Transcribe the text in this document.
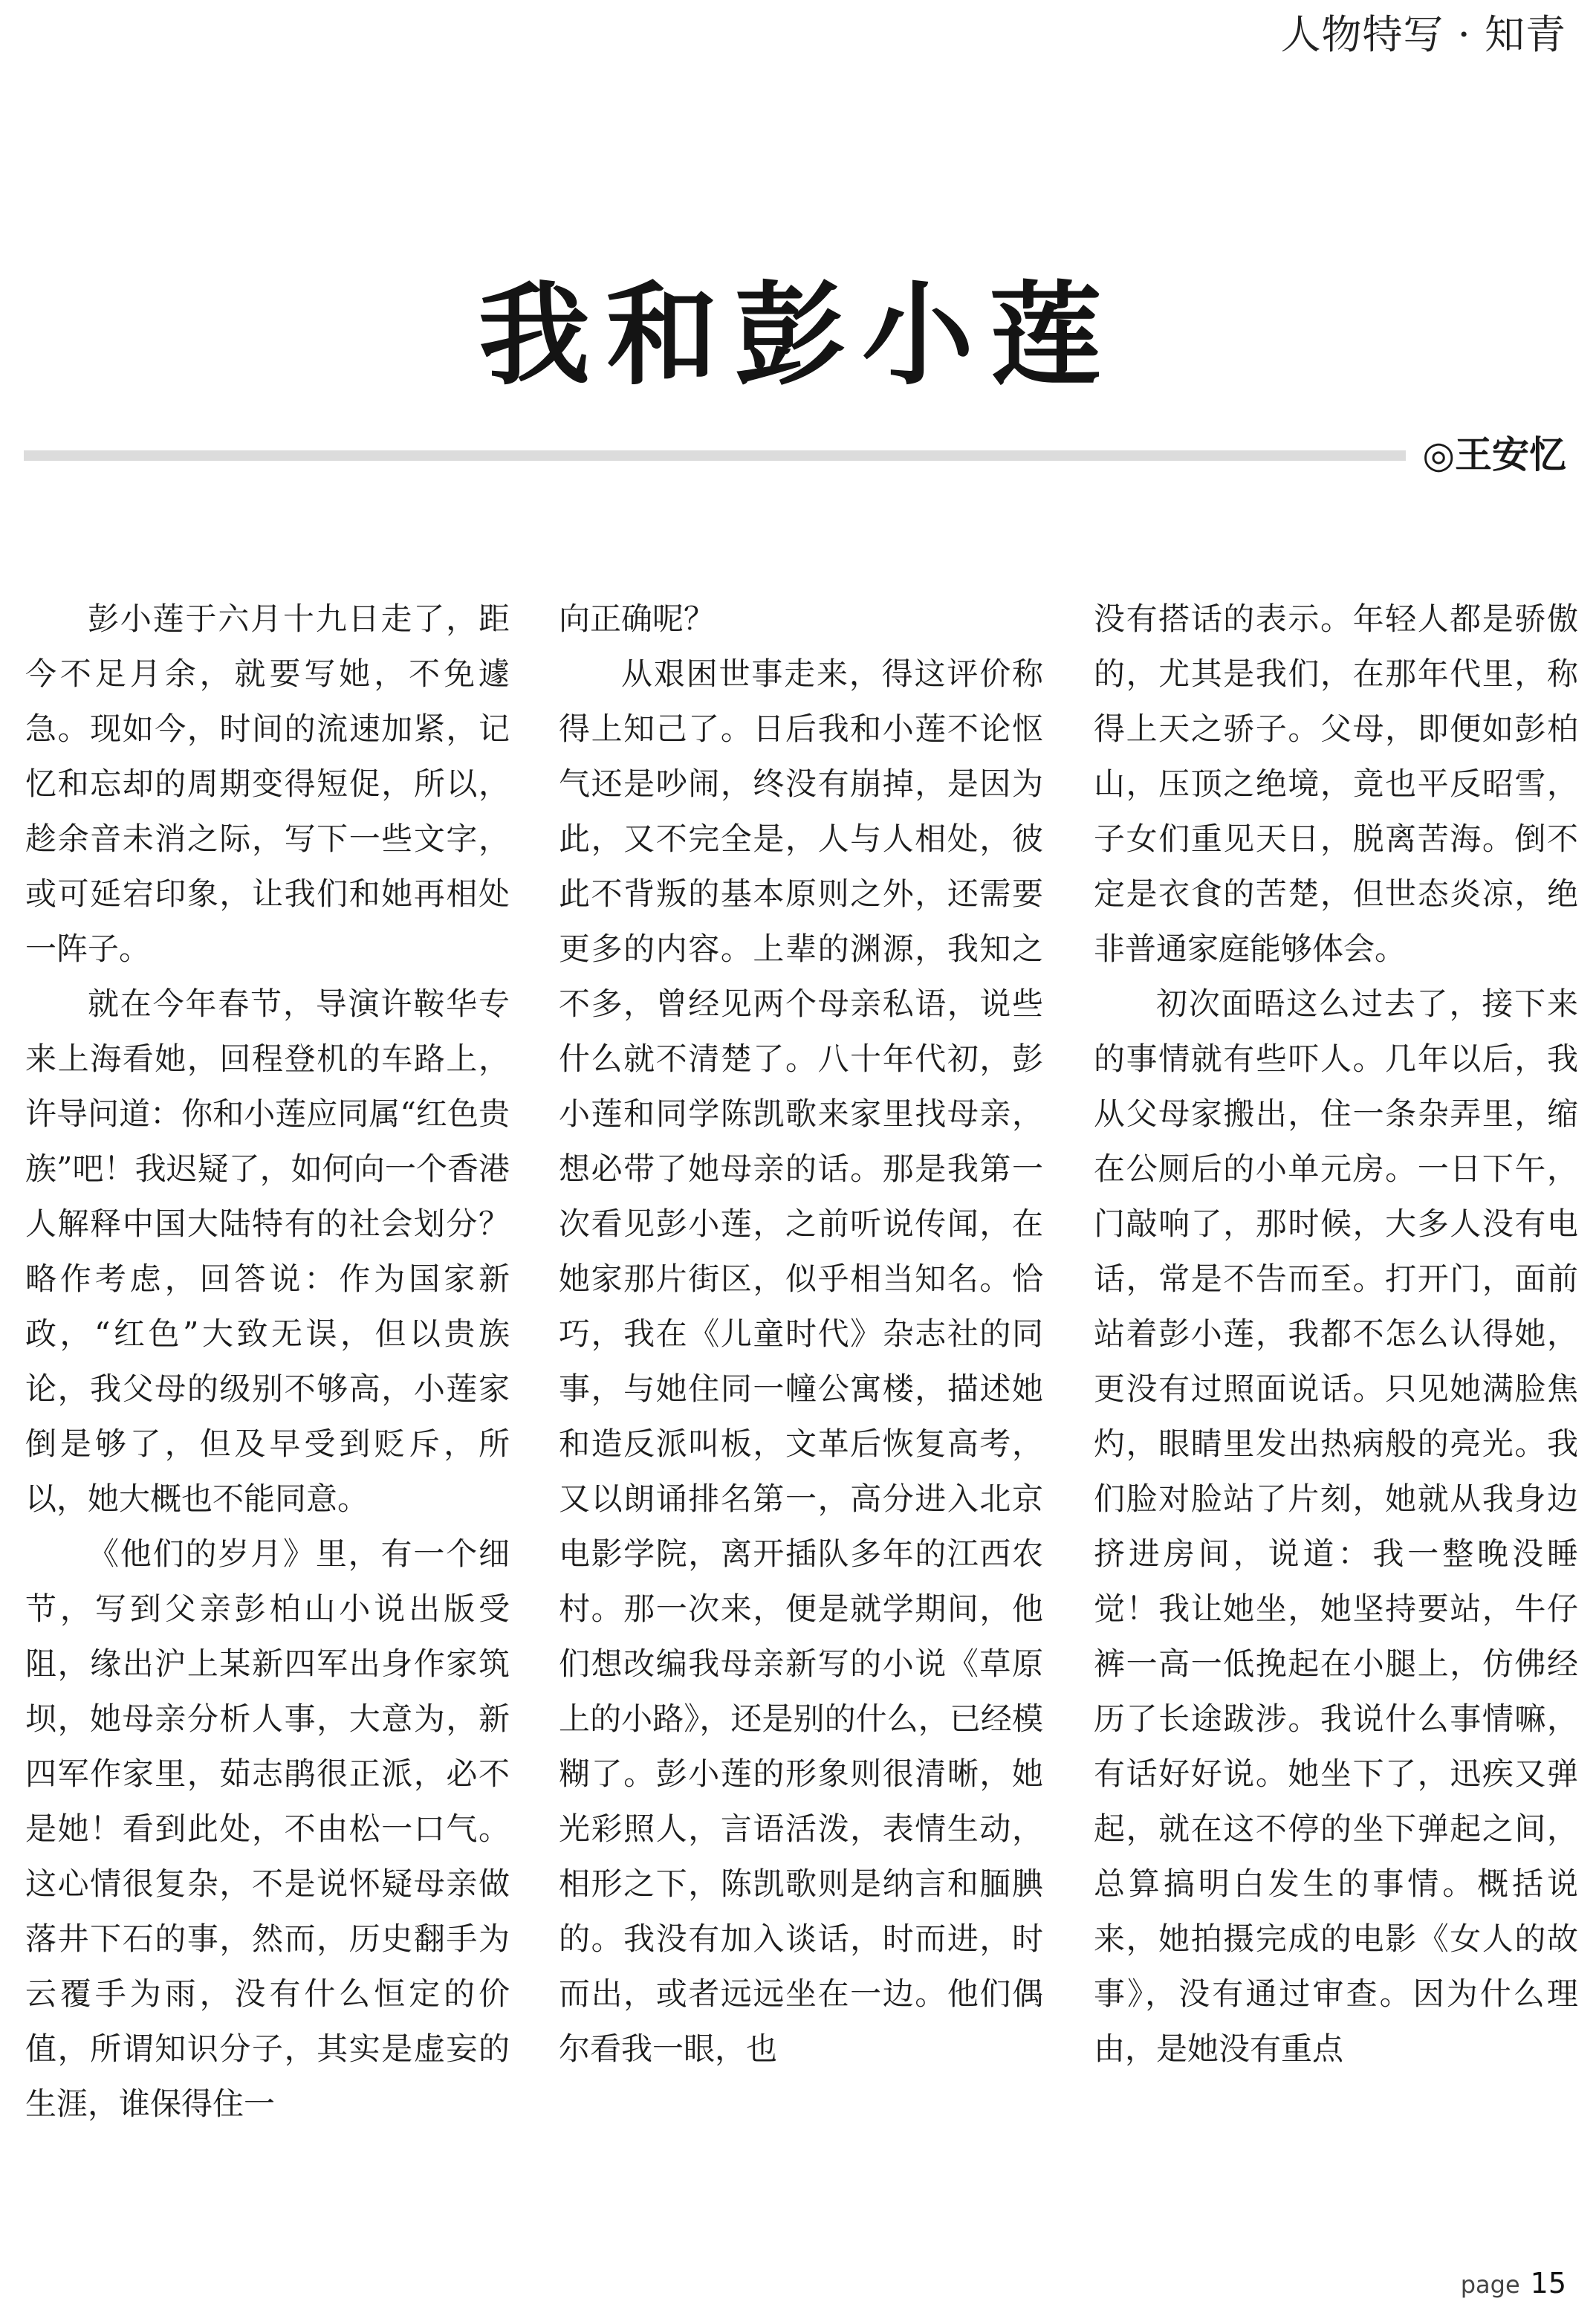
人物特写 · 知青
我和彭小莲
◎王安忆

彭小莲于六月十九日走了，距今不足月余，就要写她，不免遽急。现如今，时间的流速加紧，记忆和忘却的周期变得短促，所以，趁余音未消之际，写下一些文字，或可延宕印象，让我们和她再相处一阵子。

就在今年春节，导演许鞍华专来上海看她，回程登机的车路上，许导问道：你和小莲应同属“红色贵族”吧！我迟疑了，如何向一个香港人解释中国大陆特有的社会划分？略作考虑，回答说：作为国家新政，“红色”大致无误，但以贵族论，我父母的级别不够高，小莲家倒是够了，但及早受到贬斥，所以，她大概也不能同意。

《他们的岁月》里，有一个细节，写到父亲彭柏山小说出版受阻，缘出沪上某新四军出身作家筑坝，她母亲分析人事，大意为，新四军作家里，茹志鹃很正派，必不是她！看到此处，不由松一口气。这心情很复杂，不是说怀疑母亲做落井下石的事，然而，历史翻手为云覆手为雨，没有什么恒定的价值，所谓知识分子，其实是虚妄的生涯，谁保得住一

向正确呢？

从艰困世事走来，得这评价称得上知己了。日后我和小莲不论怄气还是吵闹，终没有崩掉，是因为此，又不完全是，人与人相处，彼此不背叛的基本原则之外，还需要更多的内容。上辈的渊源，我知之不多，曾经见两个母亲私语，说些什么就不清楚了。八十年代初，彭小莲和同学陈凯歌来家里找母亲，想必带了她母亲的话。那是我第一次看见彭小莲，之前听说传闻，在她家那片街区，似乎相当知名。恰巧，我在《儿童时代》杂志社的同事，与她住同一幢公寓楼，描述她和造反派叫板，文革后恢复高考，又以朗诵排名第一，高分进入北京电影学院，离开插队多年的江西农村。那一次来，便是就学期间，他们想改编我母亲新写的小说《草原上的小路》，还是别的什么，已经模糊了。彭小莲的形象则很清晰，她光彩照人，言语活泼，表情生动，相形之下，陈凯歌则是纳言和腼腆的。我没有加入谈话，时而进，时而出，或者远远坐在一边。他们偶尔看我一眼，也

没有搭话的表示。年轻人都是骄傲的，尤其是我们，在那年代里，称得上天之骄子。父母，即便如彭柏山，压顶之绝境，竟也平反昭雪，子女们重见天日，脱离苦海。倒不定是衣食的苦楚，但世态炎凉，绝非普通家庭能够体会。

初次面晤这么过去了，接下来的事情就有些吓人。几年以后，我从父母家搬出，住一条杂弄里，缩在公厕后的小单元房。一日下午，门敲响了，那时候，大多人没有电话，常是不告而至。打开门，面前站着彭小莲，我都不怎么认得她，更没有过照面说话。只见她满脸焦灼，眼睛里发出热病般的亮光。我们脸对脸站了片刻，她就从我身边挤进房间，说道：我一整晚没睡觉！我让她坐，她坚持要站，牛仔裤一高一低挽起在小腿上，仿佛经历了长途跋涉。我说什么事情嘛，有话好好说。她坐下了，迅疾又弹起，就在这不停的坐下弹起之间，总算搞明白发生的事情。概括说来，她拍摄完成的电影《女人的故事》，没有通过审查。因为什么理由，是她没有重点

page 15
